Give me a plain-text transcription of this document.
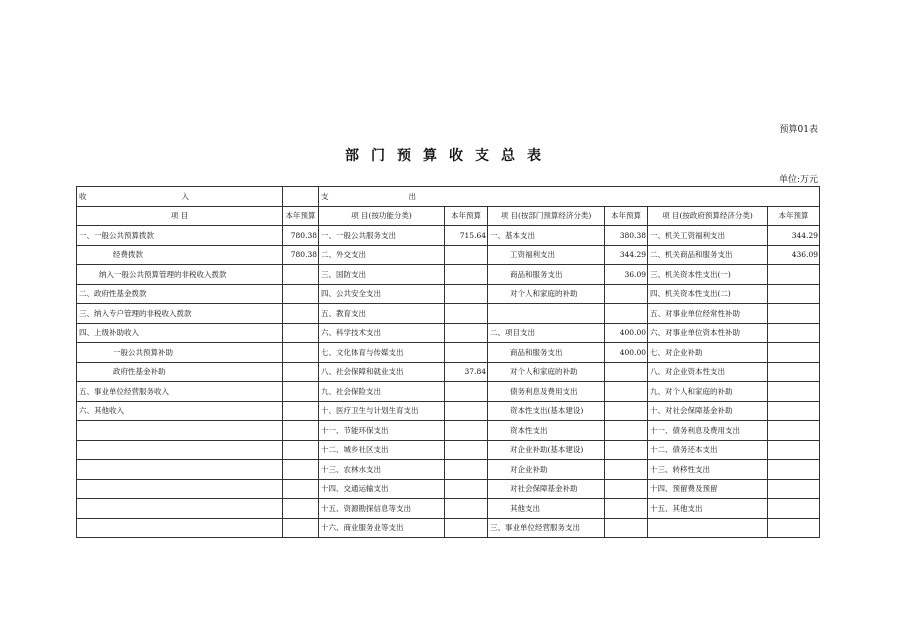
预算01表
部门预算收支总表
单位:万元
收 入		支 出					

项 目	本年预算	项 目(按功能分类)	本年预算	项 目(按部门预算经济分类)	本年预算	项 目(按政府预算经济分类)	本年预算
一、一般公共预算拨款	780.38	一、一般公共服务支出	715.64	一、基本支出	380.38	一、机关工资福利支出	344.29
经费拨款	780.38	二、外交支出		工资福利支出	344.29	二、机关商品和服务支出	436.09
纳入一般公共预算管理的非税收入拨款		三、国防支出		商品和服务支出	36.09	三、机关资本性支出(一)	
二、政府性基金拨款		四、公共安全支出		对个人和家庭的补助		四、机关资本性支出(二)	
三、纳入专户管理的非税收入拨款		五、教育支出				五、对事业单位经常性补助	
四、上级补助收入		六、科学技术支出		二、项目支出	400.00	六、对事业单位资本性补助	
一般公共预算补助		七、文化体育与传媒支出		商品和服务支出	400.00	七、对企业补助	
政府性基金补助		八、社会保障和就业支出	37.84	对个人和家庭的补助		八、对企业资本性支出	
五、事业单位经营服务收入		九、社会保险支出		债务利息及费用支出		九、对个人和家庭的补助	
六、其他收入		十、医疗卫生与计划生育支出		资本性支出(基本建设)		十、对社会保障基金补助	
		十一、节能环保支出		资本性支出		十一、债务利息及费用支出	
		十二、城乡社区支出		对企业补助(基本建设)		十二、债务还本支出	
		十三、农林水支出		对企业补助		十三、转移性支出	
		十四、交通运输支出		对社会保障基金补助		十四、预留费及预留	
		十五、资源勘探信息等支出		其他支出		十五、其他支出	
		十六、商业服务业等支出		三、事业单位经营服务支出			
